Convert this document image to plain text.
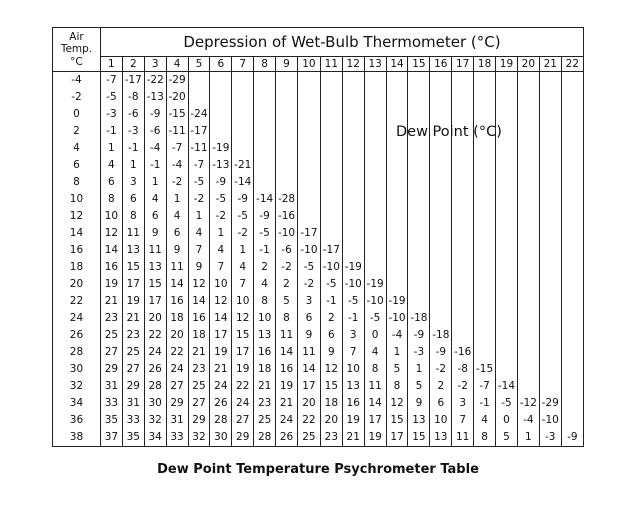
Air
Temp.
°C	Depression of Wet-Bulb Thermometer (°C)																					
	1	2	3	4	5	6	7	8	9	10	11	12	13	14	15	16	17	18	19	20	21	22
-4	-7	-17	-22	-29																		
-2	-5	-8	-13	-20																		
0	-3	-6	-9	-15	-24																	
2	-1	-3	-6	-11	-17																	
4	1	-1	-4	-7	-11	-19																
6	4	1	-1	-4	-7	-13	-21															
8	6	3	1	-2	-5	-9	-14															
10	8	6	4	1	-2	-5	-9	-14	-28													
12	10	8	6	4	1	-2	-5	-9	-16													
14	12	11	9	6	4	1	-2	-5	-10	-17												
16	14	13	11	9	7	4	1	-1	-6	-10	-17											
18	16	15	13	11	9	7	4	2	-2	-5	-10	-19										
20	19	17	15	14	12	10	7	4	2	-2	-5	-10	-19									
22	21	19	17	16	14	12	10	8	5	3	-1	-5	-10	-19								
24	23	21	20	18	16	14	12	10	8	6	2	-1	-5	-10	-18							
26	25	23	22	20	18	17	15	13	11	9	6	3	0	-4	-9	-18						
28	27	25	24	22	21	19	17	16	14	11	9	7	4	1	-3	-9	-16					
30	29	27	26	24	23	21	19	18	16	14	12	10	8	5	1	-2	-8	-15				
32	31	29	28	27	25	24	22	21	19	17	15	13	11	8	5	2	-2	-7	-14			
34	33	31	30	29	27	26	24	23	21	20	18	16	14	12	9	6	3	-1	-5	-12	-29	
36	35	33	32	31	29	28	27	25	24	22	20	19	17	15	13	10	7	4	0	-4	-10	
38	37	35	34	33	32	30	29	28	26	25	23	21	19	17	15	13	11	8	5	1	-3	-9
Dew Point (°C)
Dew Point Temperature Psychrometer Table
